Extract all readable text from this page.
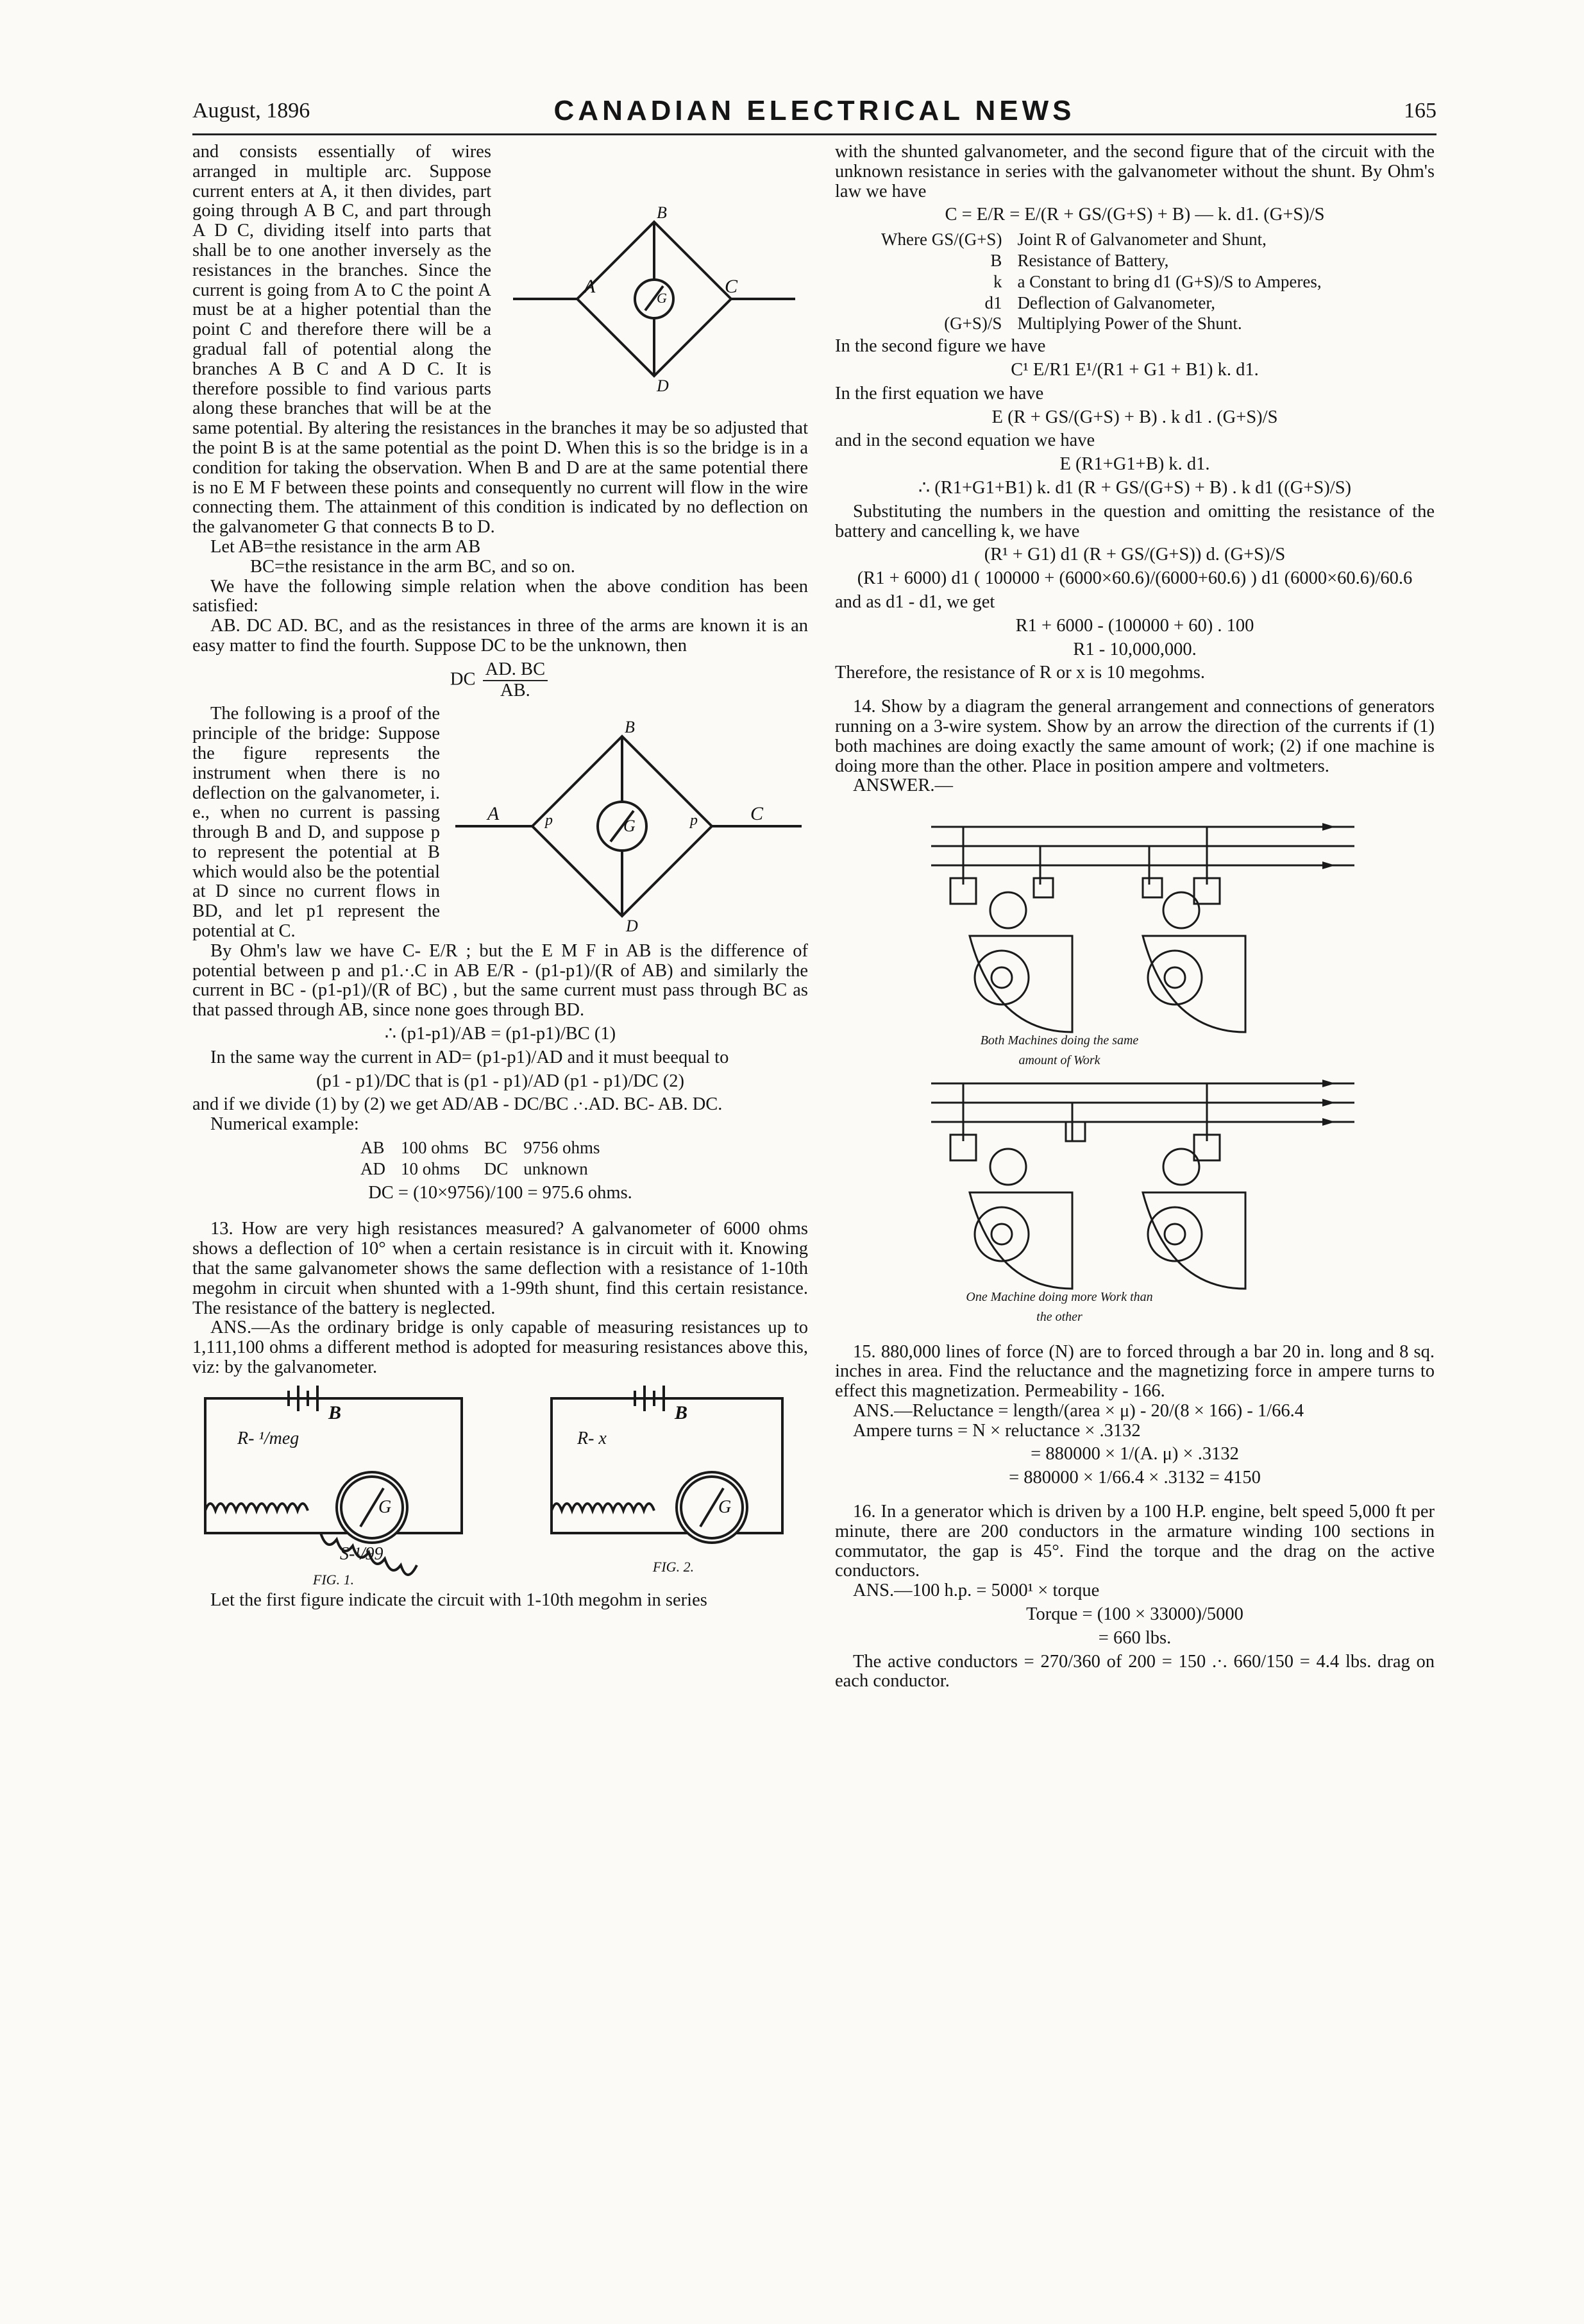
August, 1896	CANADIAN ELECTRICAL NEWS	165
A
B
C
D
G

and consists essentially of wires arranged in multiple arc. Suppose current enters at A, it then divides, part going through A B C, and part through A D C, dividing itself into parts that shall be to one another inversely as the resistances in the branches. Since the current is going from A to C the point A must be at a higher potential than the point C and therefore there will be a gradual fall of potential along the branches A B C and A D C. It is therefore possible to find various parts along these branches that will be at the same potential. By altering the resistances in the branches it may be so adjusted that the point B is at the same potential as the point D. When this is so the bridge is in a condition for taking the observation. When B and D are at the same potential there is no E M F between these points and consequently no current will flow in the wire connecting them. The attainment of this condition is indicated by no deflection on the galvanometer G that connects B to D.

Let AB=the resistance in the arm AB

BC=the resistance in the arm BC, and so on.

We have the following simple relation when the above condition has been satisfied:

AB. DC AD. BC, and as the resistances in three of the arms are known it is an easy matter to find the fourth. Suppose DC to be the unknown, then

DC $\frac{AD. BC}{AB.}$
A	p
B
p	C
D
G

The following is a proof of the principle of the bridge: Suppose the figure represents the instrument when there is no deflection on the galvanometer, i. e., when no current is passing through B and D, and suppose p to represent the potential at B which would also be the potential at D since no current flows in BD, and let p1 represent the potential at C.

By Ohm's law we have C- E/R ; but the E M F in AB is the difference of potential between p and p1.·.C in AB E/R - (p1-p1)/(R of AB) and similarly the current in BC - (p1-p1)/(R of BC) , but the same current must pass through BC as that passed through AB, since none goes through BD.

∴ (p1-p1)/AB = (p1-p1)/BC (1)

In the same way the current in AD= (p1-p1)/AD and it must beequal to

(p1 - p1)/DC that is (p1 - p1)/AD (p1 - p1)/DC (2)

and if we divide (1) by (2) we get AD/AB - DC/BC .·.AD. BC- AB. DC.

Numerical example:

AB	100 ohms	BC	9756 ohms
AD	10 ohms	DC	unknown
DC = (10×9756)/100 = 975.6 ohms.

13. How are very high resistances measured? A galvanometer of 6000 ohms shows a deflection of 10° when a certain resistance is in circuit with it. Knowing that the same galvanometer shows the same deflection with a resistance of 1-10th megohm in circuit when shunted with a 1-99th shunt, find this certain resistance. The resistance of the battery is neglected.

ANS.—As the ordinary bridge is only capable of measuring resistances up to 1,111,100 ohms a different method is adopted for measuring resistances above this, viz: by the galvanometer.

B
G
R- ¹/meg
S-¹/99
FIG. 1.
B
G
R- x
FIG. 2.

Let the first figure indicate the circuit with 1-10th megohm in series

with the shunted galvanometer, and the second figure that of the circuit with the unknown resistance in series with the galvanometer without the shunt. By Ohm's law we have

C = E/R = E/(R + GS/(G+S) + B) — k. d1. (G+S)/S
Where GS/(G+S)	Joint R of Galvanometer and Shunt,
B	Resistance of Battery,
k	a Constant to bring d1 (G+S)/S to Amperes,
d1	Deflection of Galvanometer,
(G+S)/S	Multiplying Power of the Shunt.

In the second figure we have

C¹ E/R1 E¹/(R1 + G1 + B1) k. d1.

In the first equation we have

E (R + GS/(G+S) + B) . k d1 . (G+S)/S

and in the second equation we have

E (R1+G1+B) k. d1.
∴ (R1+G1+B1) k. d1 (R + GS/(G+S) + B) . k d1 ((G+S)/S)

Substituting the numbers in the question and omitting the resistance of the battery and cancelling k, we have

(R¹ + G1) d1 (R + GS/(G+S)) d. (G+S)/S
(R1 + 6000) d1 ( 100000 + (6000×60.6)/(6000+60.6) ) d1 (6000×60.6)/60.6

and as d1 - d1, we get

R1 + 6000 - (100000 + 60) . 100
R1 - 10,000,000.

Therefore, the resistance of R or x is 10 megohms.

14. Show by a diagram the general arrangement and connections of generators running on a 3-wire system. Show by an arrow the direction of the currents if (1) both machines are doing exactly the same amount of work; (2) if one machine is doing more than the other. Place in position ampere and voltmeters.

ANSWER.—

Both Machines doing the same amount of Work
One Machine doing more Work than the other

15. 880,000 lines of force (N) are to forced through a bar 20 in. long and 8 sq. inches in area. Find the reluctance and the magnetizing force in ampere turns to effect this magnetization. Permeability - 166.

ANS.—Reluctance = length/(area × μ) - 20/(8 × 166) - 1/66.4

Ampere turns = N × reluctance × .3132

= 880000 × 1/(A. μ) × .3132
= 880000 × 1/66.4 × .3132 = 4150

16. In a generator which is driven by a 100 H.P. engine, belt speed 5,000 ft per minute, there are 200 conductors in the armature winding 100 sections in commutator, the gap is 45°. Find the torque and the drag on the active conductors.

ANS.—100 h.p. = 5000¹ × torque

Torque = (100 × 33000)/5000
= 660 lbs.

The active conductors = 270/360 of 200 = 150 .·. 660/150 = 4.4 lbs. drag on each conductor.
